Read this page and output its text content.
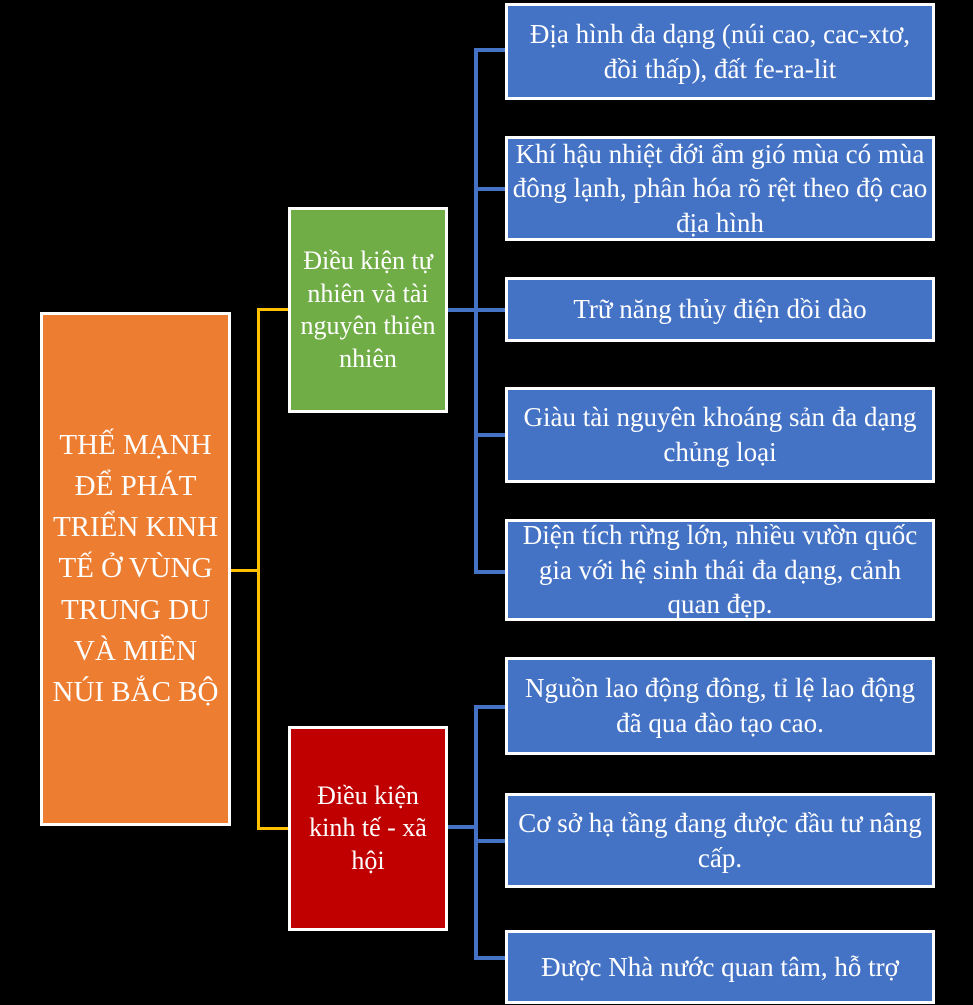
THẾ MẠNH ĐỂ PHÁT TRIỂN KINH TẾ Ở VÙNG TRUNG DU VÀ MIỀN NÚI BẮC BỘ
Điều kiện tự nhiên và tài nguyên thiên nhiên
Điều kiện kinh tế - xã hội
Địa hình đa dạng (núi cao, cac-xtơ, đồi thấp), đất fe-ra-lit
Khí hậu nhiệt đới ẩm gió mùa có mùa đông lạnh, phân hóa rõ rệt theo độ cao địa hình
Trữ năng thủy điện dồi dào
Giàu tài nguyên khoáng sản đa dạng chủng loại
Diện tích rừng lớn, nhiều vườn quốc gia với hệ sinh thái đa dạng, cảnh quan đẹp.
Nguồn lao động đông, tỉ lệ lao động đã qua đào tạo cao.
Cơ sở hạ tầng đang được đầu tư nâng cấp.
Được Nhà nước quan tâm, hỗ trợ
